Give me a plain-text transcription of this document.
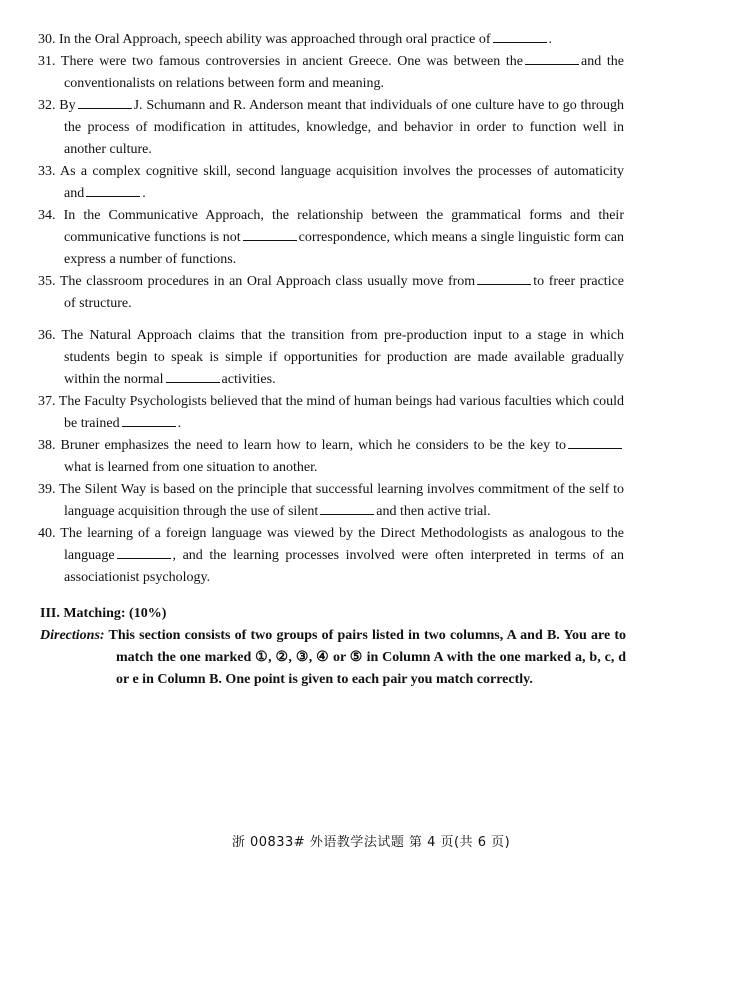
30. In the Oral Approach, speech ability was approached through oral practice of	.
31. There were two famous controversies in ancient Greece. One was between the	and the conventionalists on relations between form and meaning.
32. By	J. Schumann and R. Anderson meant that individuals of one culture have to go through the process of modification in attitudes, knowledge, and behavior in order to function well in another culture.
33. As a complex cognitive skill, second language acquisition involves the processes of automaticity and	.
34. In the Communicative Approach, the relationship between the grammatical forms and their communicative functions is not	correspondence, which means a single linguistic form can express a number of functions.
35. The classroom procedures in an Oral Approach class usually move from	to freer practice of structure.
36. The Natural Approach claims that the transition from pre-production input to a stage in which students begin to speak is simple if opportunities for production are made available gradually within the normal	activities.
37. The Faculty Psychologists believed that the mind of human beings had various faculties which could be trained	.
38. Bruner emphasizes the need to learn how to learn, which he considers to be the key towhat is learned from one situation to another.
39. The Silent Way is based on the principle that successful learning involves commitment of the self to language acquisition through the use of silent	and then active trial.
40. The learning of a foreign language was viewed by the Direct Methodologists as analogous to the language	, and the learning processes involved were often interpreted in terms of an associationist psychology.
III. Matching: (10%)
Directions: This section consists of two groups of pairs listed in two columns, A and B. You are to match the one marked ①, ②, ③, ④ or ⑤ in Column A with the one marked a, b, c, d or e in Column B. One point is given to each pair you match correctly.
浙 00833# 外语教学法试题 第 4 页(共 6 页)
